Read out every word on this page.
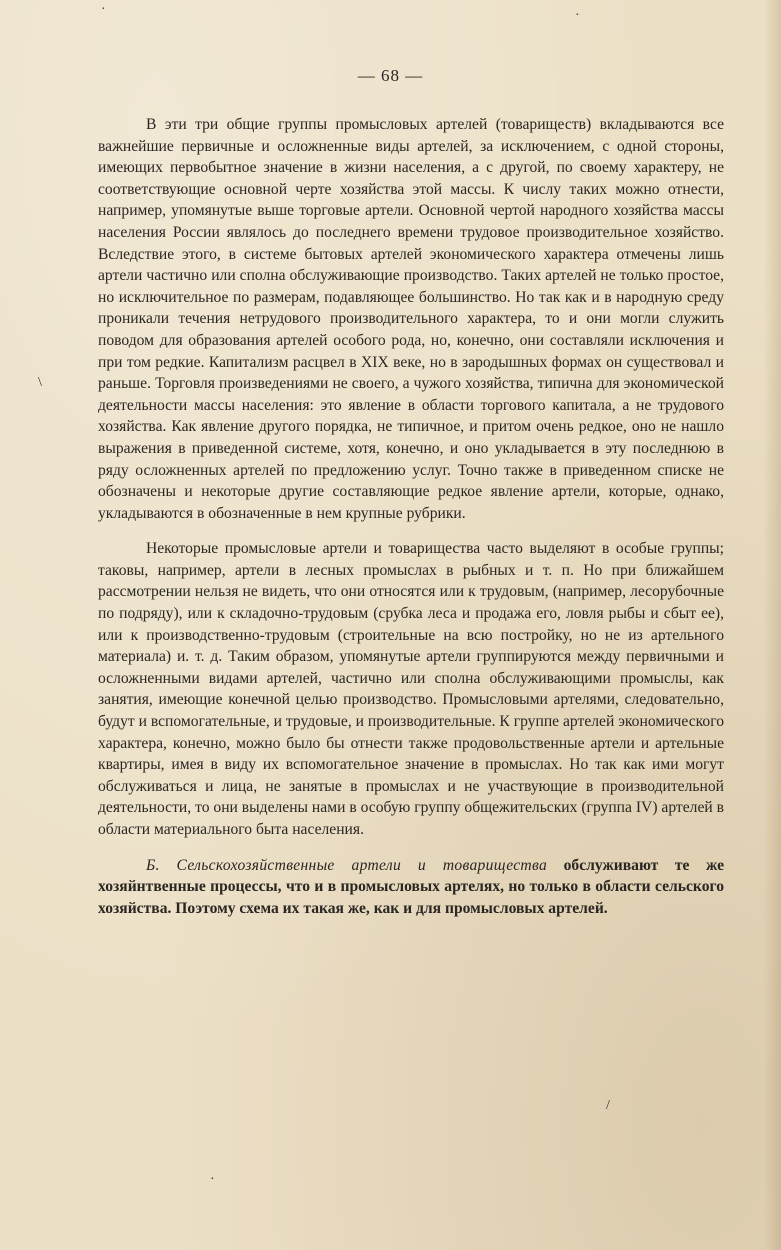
— 68 —

В эти три общие группы промысловых артелей (товариществ) вкладываются все важнейшие первичные и осложненные виды артелей, за исключением, с одной стороны, имеющих первобытное значение в жизни населения, а с другой, по своему характеру, не соответствующие основной черте хозяйства этой массы. К числу таких можно отнести, например, упомянутые выше торговые артели. Основной чертой народного хозяйства массы населения России являлось до последнего времени трудовое производительное хозяйство. Вследствие этого, в системе бытовых артелей экономического характера отмечены лишь артели частично или сполна обслуживающие производство. Таких артелей не только простое, но исключительное по размерам, подавляющее большинство. Но так как и в народную среду проникали течения нетрудового производительного характера, то и они могли служить поводом для образования артелей особого рода, но, конечно, они составляли исключения и при том редкие. Капитализм расцвел в XIX веке, но в зародышных формах он существовал и раньше. Торговля произведениями не своего, а чужого хозяйства, типична для экономической деятельности массы населения: это явление в области торгового капитала, а не трудового хозяйства. Как явление другого порядка, не типичное, и притом очень редкое, оно не нашло выражения в приведенной системе, хотя, конечно, и оно укладывается в эту последнюю в ряду осложненных артелей по предложению услуг. Точно также в приведенном списке не обозначены и некоторые другие составляющие редкое явление артели, которые, однако, укладываются в обозначенные в нем крупные рубрики.

Некоторые промысловые артели и товарищества часто выделяют в особые группы; таковы, например, артели в лесных промыслах в рыбных и т. п. Но при ближайшем рассмотрении нельзя не видеть, что они относятся или к трудовым, (например, лесорубочные по подряду), или к складочно-трудовым (срубка леса и продажа его, ловля рыбы и сбыт ее), или к производственно-трудовым (строительные на всю постройку, но не из артельного материала) и. т. д. Таким образом, упомянутые артели группируются между первичными и осложненными видами артелей, частично или сполна обслуживающими промыслы, как занятия, имеющие конечной целью производство. Промысловыми артелями, следовательно, будут и вспомогательные, и трудовые, и производительные. К группе артелей экономического характера, конечно, можно было бы отнести также продовольственные артели и артельные квартиры, имея в виду их вспомогательное значение в промыслах. Но так как ими могут обслуживаться и лица, не занятые в промыслах и не участвующие в производительной деятельности, то они выделены нами в особую группу общежительских (группа IV) артелей в области материального быта населения.

Б. Сельскохозяйственные артели и товарищества обслуживают те же хозяйнтвенные процессы, что и в промысловых артелях, но только в области сельского хозяйства. Поэтому схема их такая же, как и для промысловых артелей.

·	·
\
·
/
